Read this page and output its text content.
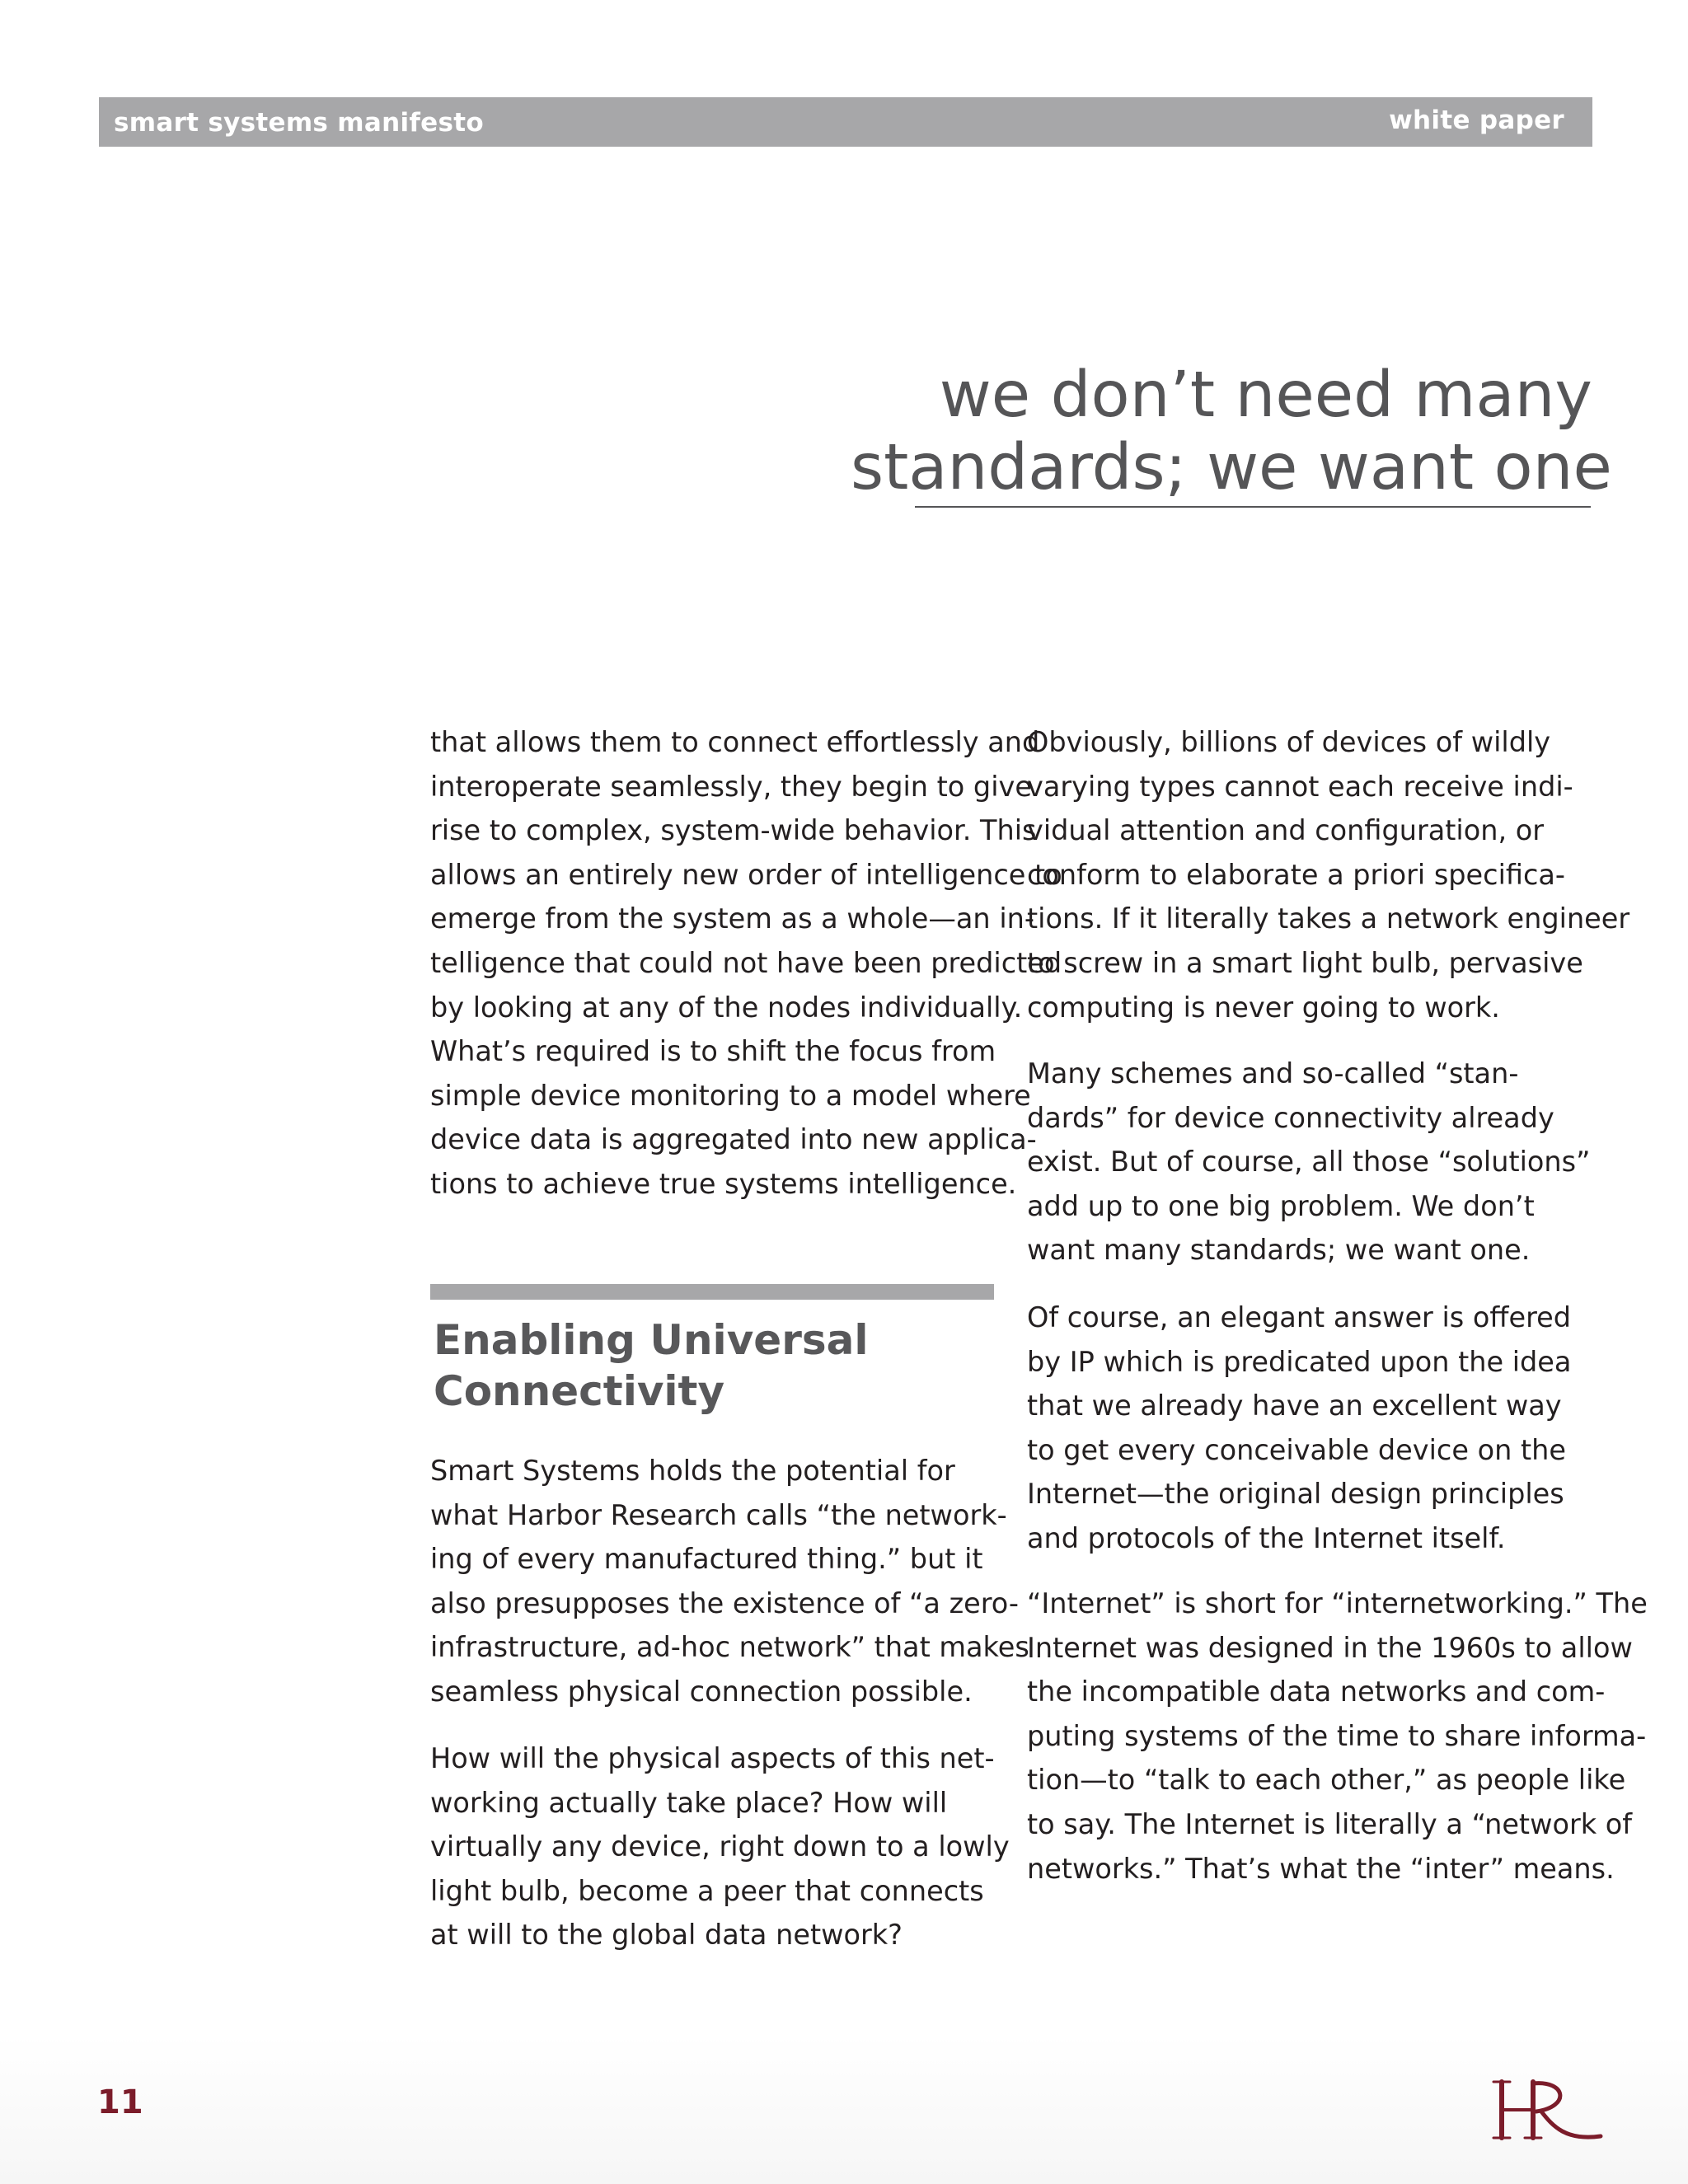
smart systems manifesto	white paper
we don’t need many
standards; we want one
that allows them to connect effortlessly and
interoperate seamlessly, they begin to give
rise to complex, system-wide behavior. This
allows an entirely new order of intelligence to
emerge from the system as a whole—an in-
telligence that could not have been predicted
by looking at any of the nodes individually.
What’s required is to shift the focus from
simple device monitoring to a model where
device data is aggregated into new applica-
tions to achieve true systems intelligence.
Enabling Universal
Connectivity
Smart Systems holds the potential for
what Harbor Research calls “the network-
ing of every manufactured thing.” but it
also presupposes the existence of “a zero-
infrastructure, ad-hoc network” that makes
seamless physical connection possible.
How will the physical aspects of this net-
working actually take place? How will
virtually any device, right down to a lowly
light bulb, become a peer that connects
at will to the global data network?
Obviously, billions of devices of wildly
varying types cannot each receive indi-
vidual attention and configuration, or
conform to elaborate a priori specifica-
tions. If it literally takes a network engineer
to screw in a smart light bulb, pervasive
computing is never going to work.
Many schemes and so-called “stan-
dards” for device connectivity already
exist. But of course, all those “solutions”
add up to one big problem. We don’t
want many standards; we want one.
Of course, an elegant answer is offered
by IP which is predicated upon the idea
that we already have an excellent way
to get every conceivable device on the
Internet—the original design principles
and protocols of the Internet itself.
“Internet” is short for “internetworking.” The
Internet was designed in the 1960s to allow
the incompatible data networks and com-
puting systems of the time to share informa-
tion—to “talk to each other,” as people like
to say. The Internet is literally a “network of
networks.” That’s what the “inter” means.
11
